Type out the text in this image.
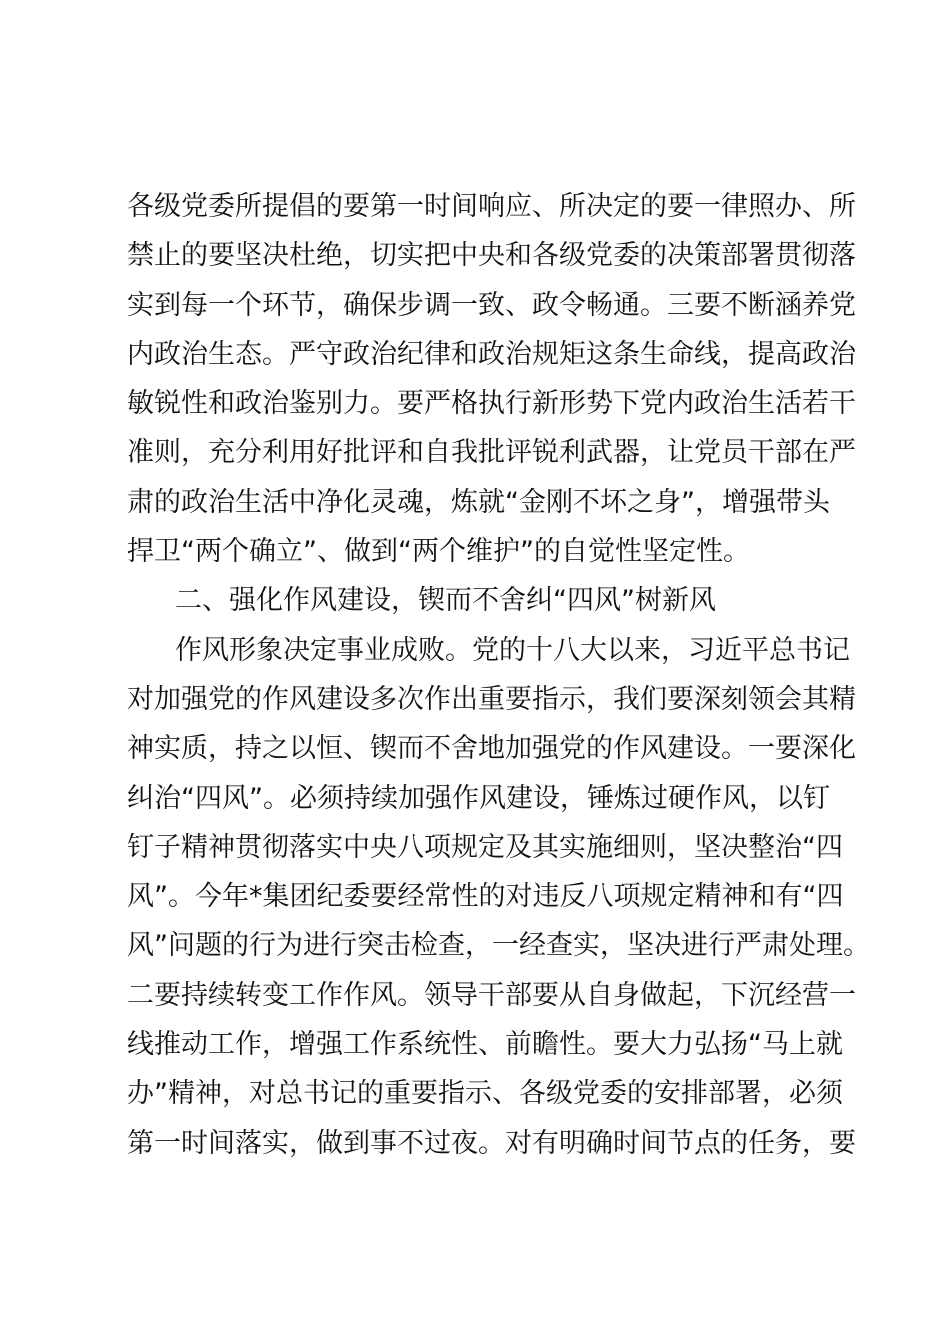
各级党委所提倡的要第一时间响应、所决定的要一律照办、所
禁止的要坚决杜绝，切实把中央和各级党委的决策部署贯彻落
实到每一个环节，确保步调一致、政令畅通。三要不断涵养党
内政治生态。严守政治纪律和政治规矩这条生命线，提高政治
敏锐性和政治鉴别力。要严格执行新形势下党内政治生活若干
准则，充分利用好批评和自我批评锐利武器，让党员干部在严
肃的政治生活中净化灵魂，炼就“金刚不坏之身”，增强带头
捍卫“两个确立”、做到“两个维护”的自觉性坚定性。
二、强化作风建设，锲而不舍纠“四风”树新风
作风形象决定事业成败。党的十八大以来，习近平总书记
对加强党的作风建设多次作出重要指示，我们要深刻领会其精
神实质，持之以恒、锲而不舍地加强党的作风建设。一要深化
纠治“四风”。必须持续加强作风建设，锤炼过硬作风，以钉
钉子精神贯彻落实中央八项规定及其实施细则，坚决整治“四
风”。今年*集团纪委要经常性的对违反八项规定精神和有“四
风”问题的行为进行突击检查，一经查实，坚决进行严肃处理。
二要持续转变工作作风。领导干部要从自身做起，下沉经营一
线推动工作，增强工作系统性、前瞻性。要大力弘扬“马上就
办”精神，对总书记的重要指示、各级党委的安排部署，必须
第一时间落实，做到事不过夜。对有明确时间节点的任务，要
